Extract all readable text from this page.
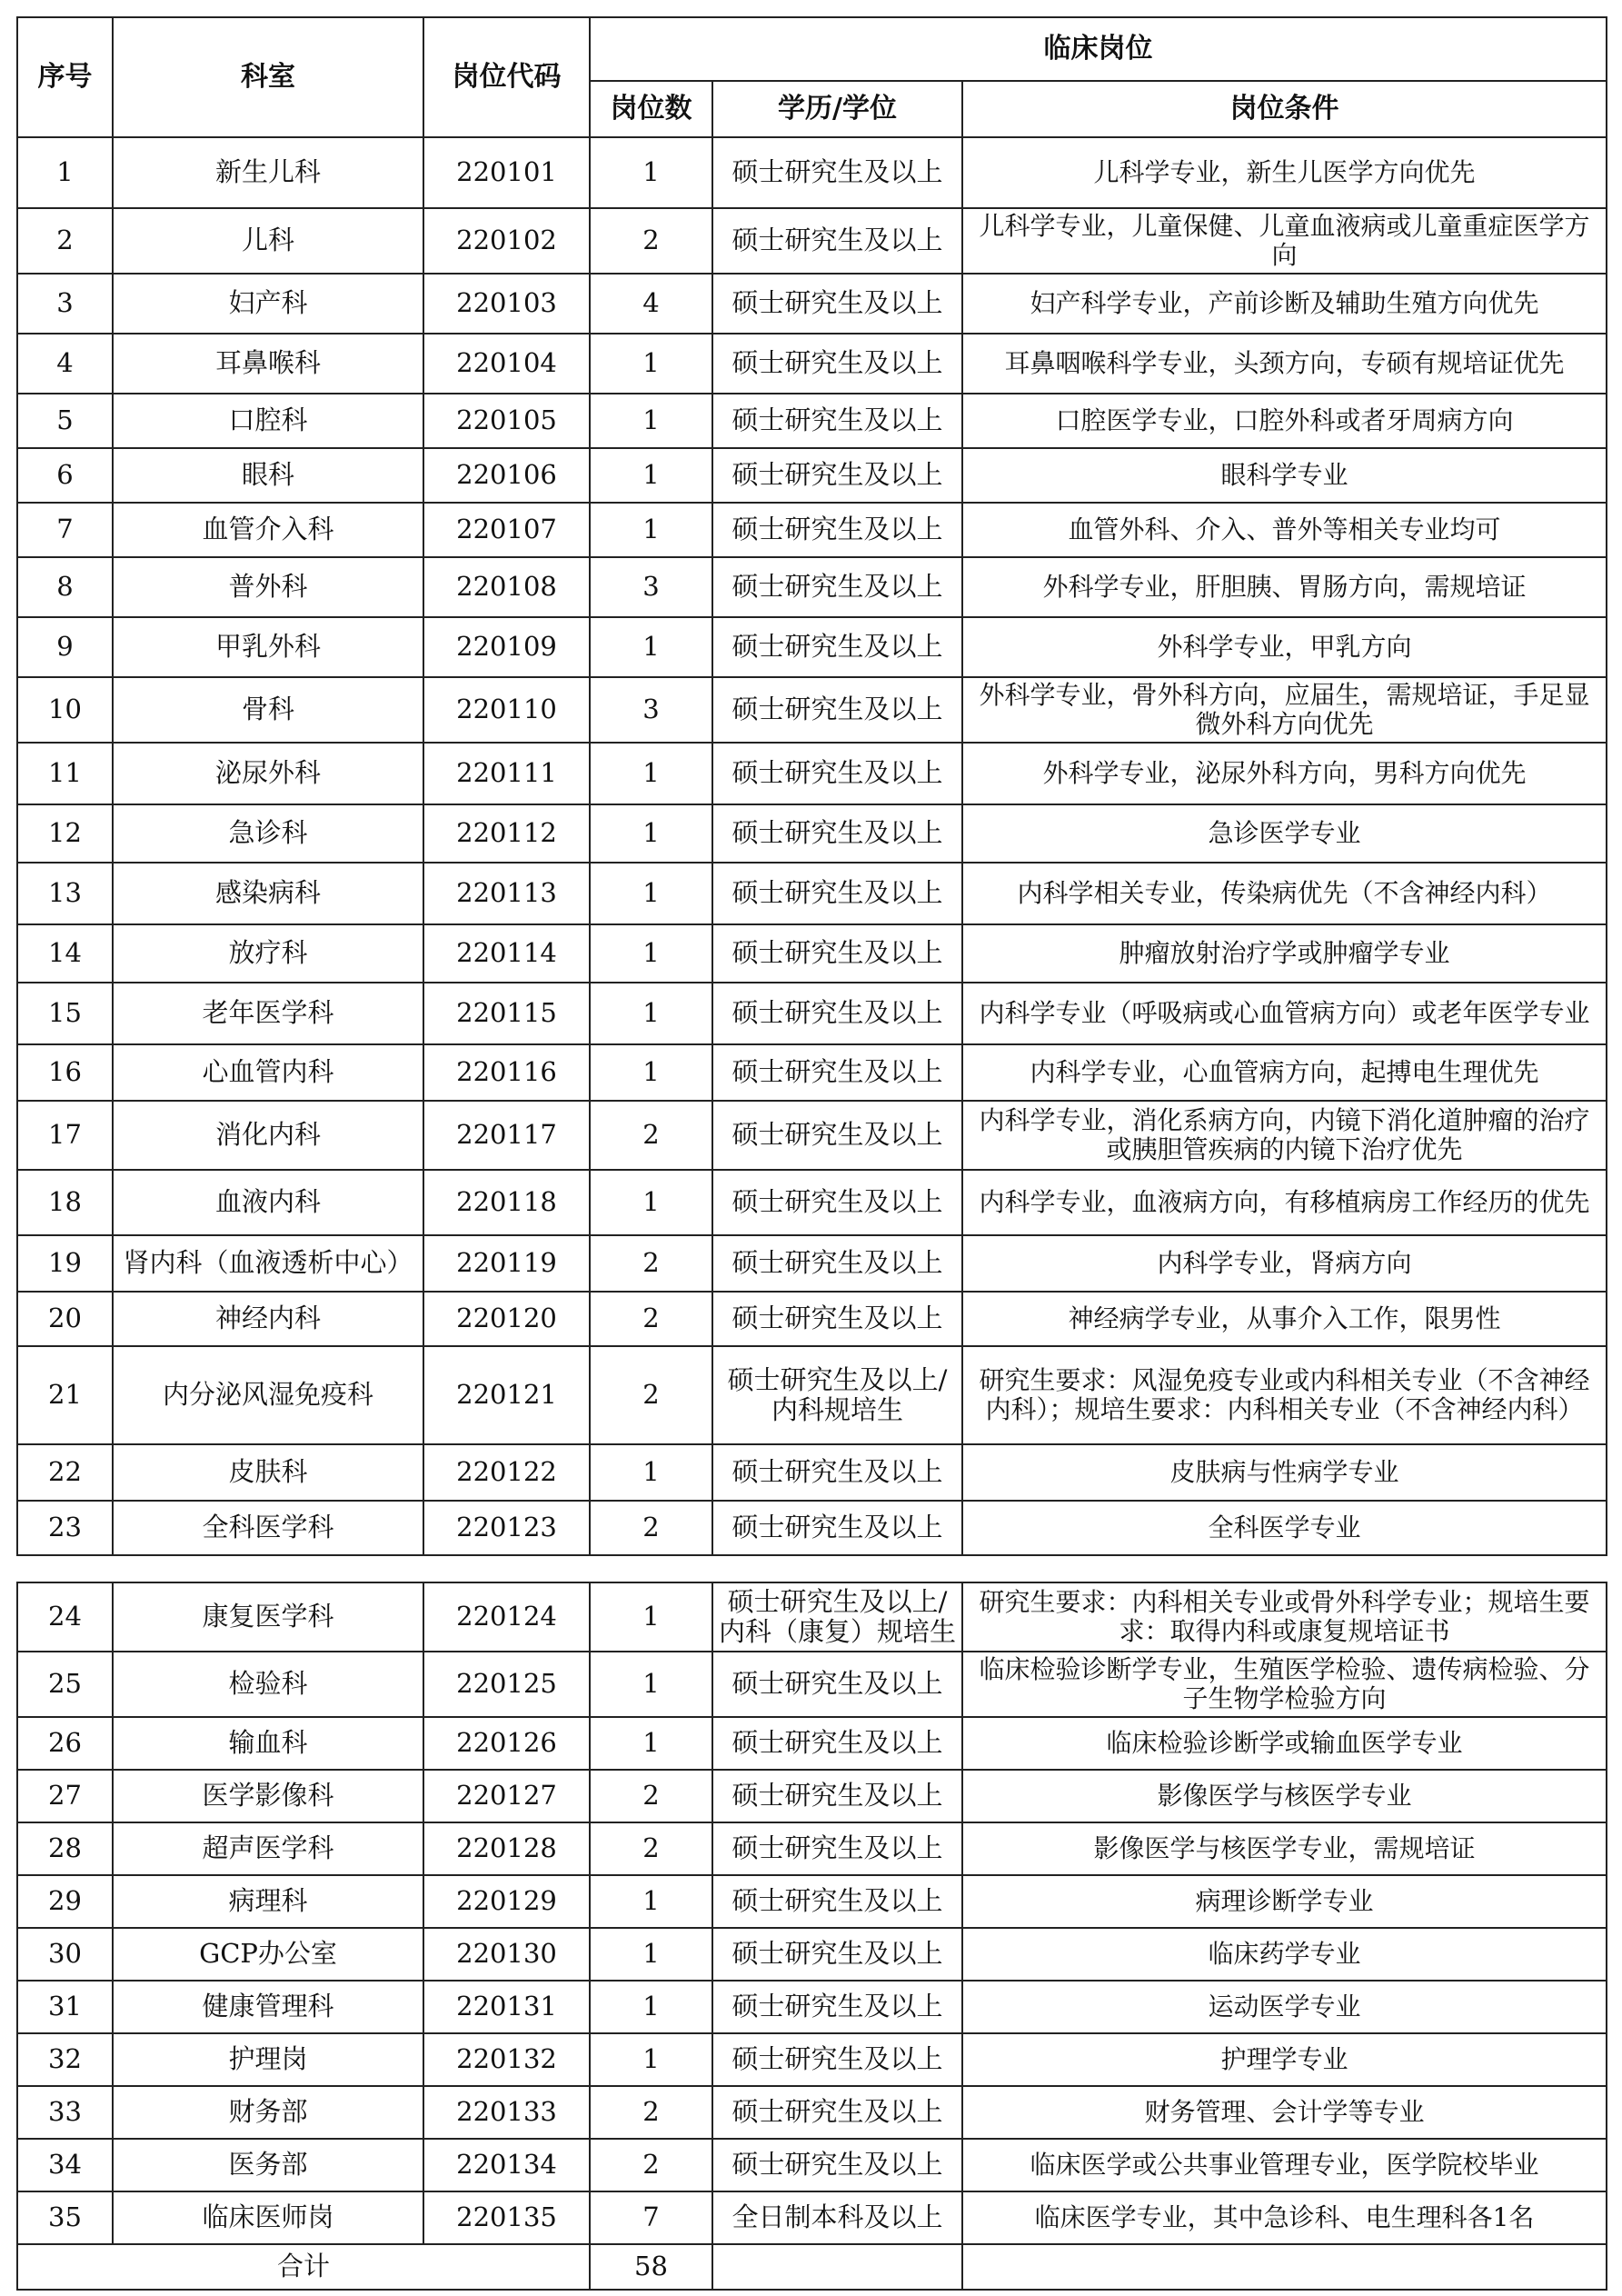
序号	科室	岗位代码	临床岗位		
			岗位数	学历/学位	岗位条件
1	新生儿科	220101	1	硕士研究生及以上	儿科学专业，新生儿医学方向优先
2	儿科	220102	2	硕士研究生及以上	儿科学专业，儿童保健、儿童血液病或儿童重症医学方向
3	妇产科	220103	4	硕士研究生及以上	妇产科学专业，产前诊断及辅助生殖方向优先
4	耳鼻喉科	220104	1	硕士研究生及以上	耳鼻咽喉科学专业，头颈方向，专硕有规培证优先
5	口腔科	220105	1	硕士研究生及以上	口腔医学专业，口腔外科或者牙周病方向
6	眼科	220106	1	硕士研究生及以上	眼科学专业
7	血管介入科	220107	1	硕士研究生及以上	血管外科、介入、普外等相关专业均可
8	普外科	220108	3	硕士研究生及以上	外科学专业，肝胆胰、胃肠方向，需规培证
9	甲乳外科	220109	1	硕士研究生及以上	外科学专业，甲乳方向
10	骨科	220110	3	硕士研究生及以上	外科学专业，骨外科方向，应届生，需规培证，手足显微外科方向优先
11	泌尿外科	220111	1	硕士研究生及以上	外科学专业，泌尿外科方向，男科方向优先
12	急诊科	220112	1	硕士研究生及以上	急诊医学专业
13	感染病科	220113	1	硕士研究生及以上	内科学相关专业，传染病优先（不含神经内科）
14	放疗科	220114	1	硕士研究生及以上	肿瘤放射治疗学或肿瘤学专业
15	老年医学科	220115	1	硕士研究生及以上	内科学专业（呼吸病或心血管病方向）或老年医学专业
16	心血管内科	220116	1	硕士研究生及以上	内科学专业，心血管病方向，起搏电生理优先
17	消化内科	220117	2	硕士研究生及以上	内科学专业，消化系病方向，内镜下消化道肿瘤的治疗或胰胆管疾病的内镜下治疗优先
18	血液内科	220118	1	硕士研究生及以上	内科学专业，血液病方向，有移植病房工作经历的优先
19	肾内科（血液透析中心）	220119	2	硕士研究生及以上	内科学专业，肾病方向
20	神经内科	220120	2	硕士研究生及以上	神经病学专业，从事介入工作，限男性
21	内分泌风湿免疫科	220121	2	硕士研究生及以上/内科规培生	研究生要求：风湿免疫专业或内科相关专业（不含神经内科）；规培生要求：内科相关专业（不含神经内科）
22	皮肤科	220122	1	硕士研究生及以上	皮肤病与性病学专业
23	全科医学科	220123	2	硕士研究生及以上	全科医学专业
24	康复医学科	220124	1	硕士研究生及以上/内科（康复）规培生	研究生要求：内科相关专业或骨外科学专业；规培生要求：取得内科或康复规培证书
25	检验科	220125	1	硕士研究生及以上	临床检验诊断学专业，生殖医学检验、遗传病检验、分子生物学检验方向
26	输血科	220126	1	硕士研究生及以上	临床检验诊断学或输血医学专业
27	医学影像科	220127	2	硕士研究生及以上	影像医学与核医学专业
28	超声医学科	220128	2	硕士研究生及以上	影像医学与核医学专业，需规培证
29	病理科	220129	1	硕士研究生及以上	病理诊断学专业
30	GCP办公室	220130	1	硕士研究生及以上	临床药学专业
31	健康管理科	220131	1	硕士研究生及以上	运动医学专业
32	护理岗	220132	1	硕士研究生及以上	护理学专业
33	财务部	220133	2	硕士研究生及以上	财务管理、会计学等专业
34	医务部	220134	2	硕士研究生及以上	临床医学或公共事业管理专业，医学院校毕业
35	临床医师岗	220135	7	全日制本科及以上	临床医学专业，其中急诊科、电生理科各1名
合计			58		
